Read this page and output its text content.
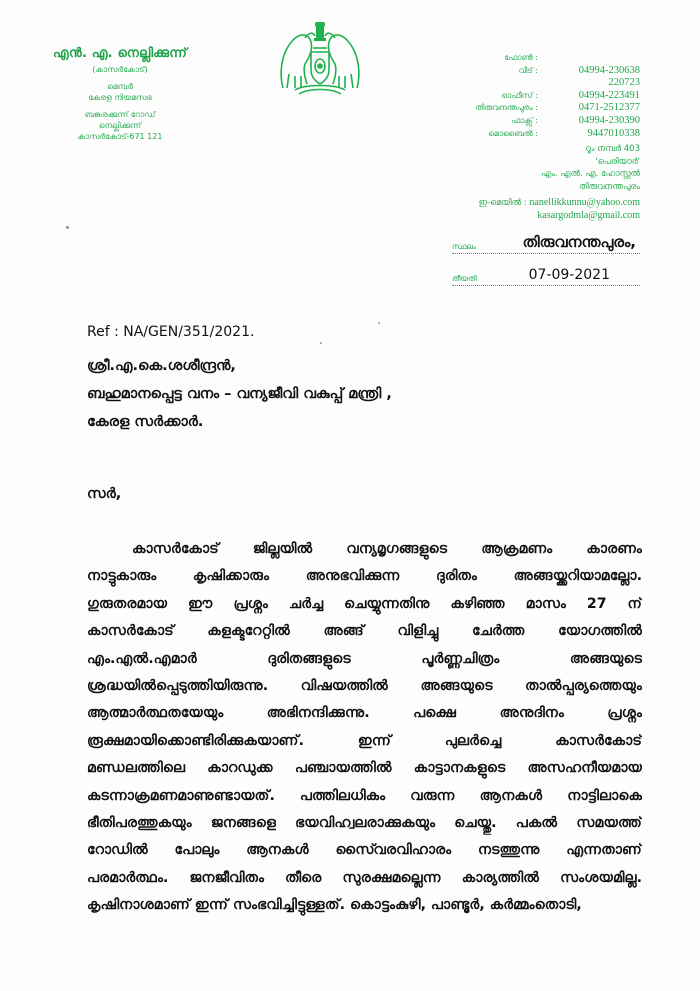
എൻ. എ. നെല്ലിക്കുന്ന്
(കാസർകോട്)
മെമ്പർ
കേരള നിയമസഭ
ബങ്കരക്കുന്ന് റോഡ്
നെല്ലിക്കുന്ന്
കാസർകോട്-671 121
ഫോൺ :
വീട് :	04994-230638
220723
ഓഫീസ് :	04994-223491
തിരുവനന്തപുരം :	0471-2512377
ഫാക്സ് :	04994-230390
മൊബൈൽ :	9447010338
റൂം നമ്പർ 403
'പെരിയാർ'
എം. എൽ. എ. ഹോസ്റ്റൽ
തിരുവനന്തപുരം
ഇ-മെയിൽ :
nanellikkunnu@yahoo.com
kasargodmla@gmail.com
സ്ഥലം	തിരുവനന്തപുരം,
തീയതി	07-09-2021
Ref : NA/GEN/351/2021.
ശ്രീ.എ.കെ.ശശീന്ദ്രൻ,
ബഹുമാനപ്പെട്ട വനം – വന്യജീവി വകുപ്പ് മന്ത്രി ,
കേരള സർക്കാർ.
സർ,
കാസർകോട് ജില്ലയിൽ വന്യമൃഗങ്ങളുടെ ആക്രമണം കാരണം
നാട്ടുകാരും കൃഷിക്കാരും അനുഭവിക്കുന്ന ദുരിതം അങ്ങയ്ക്കറിയാമല്ലോ.
ഗുരുതരമായ ഈ പ്രശ്നം ചർച്ച ചെയ്യുന്നതിനു കഴിഞ്ഞ മാസം 27 ന്
കാസർകോട് കളക്ടറേറ്റിൽ അങ്ങ് വിളിച്ചു ചേർത്ത യോഗത്തിൽ
എം.എൽ.എമാർ ദുരിതങ്ങളുടെ പൂർണ്ണചിത്രം അങ്ങയുടെ
ശ്രദ്ധയിൽപ്പെടുത്തിയിരുന്നു. വിഷയത്തിൽ അങ്ങയുടെ താൽപ്പര്യത്തെയും
ആത്മാർത്ഥതയേയും അഭിനന്ദിക്കുന്നു. പക്ഷെ അനുദിനം പ്രശ്നം
രൂക്ഷമായിക്കൊണ്ടിരിക്കുകയാണ്. ഇന്ന് പുലർച്ചെ കാസർകോട്
മണ്ഡലത്തിലെ കാറഡുക്ക പഞ്ചായത്തിൽ കാട്ടാനകളുടെ അസഹനീയമായ
കടന്നാക്രമണമാണുണ്ടായത്. പത്തിലധികം വരുന്ന ആനകൾ നാട്ടിലാകെ
ഭീതിപരത്തുകയും ജനങ്ങളെ ഭയവിഹ്വലരാക്കുകയും ചെയ്തു. പകൽ സമയത്ത്
റോഡിൽ പോലും ആനകൾ സൈ്വരവിഹാരം നടത്തുന്നു എന്നതാണ്
പരമാർത്ഥം. ജനജീവിതം തീരെ സുരക്ഷമല്ലെന്ന കാര്യത്തിൽ സംശയമില്ല.
കൃഷിനാശമാണ് ഇന്ന് സംഭവിച്ചിട്ടുള്ളത്. കൊട്ടംകുഴി, പാണ്ടൂർ, കർമ്മംതൊടി,
